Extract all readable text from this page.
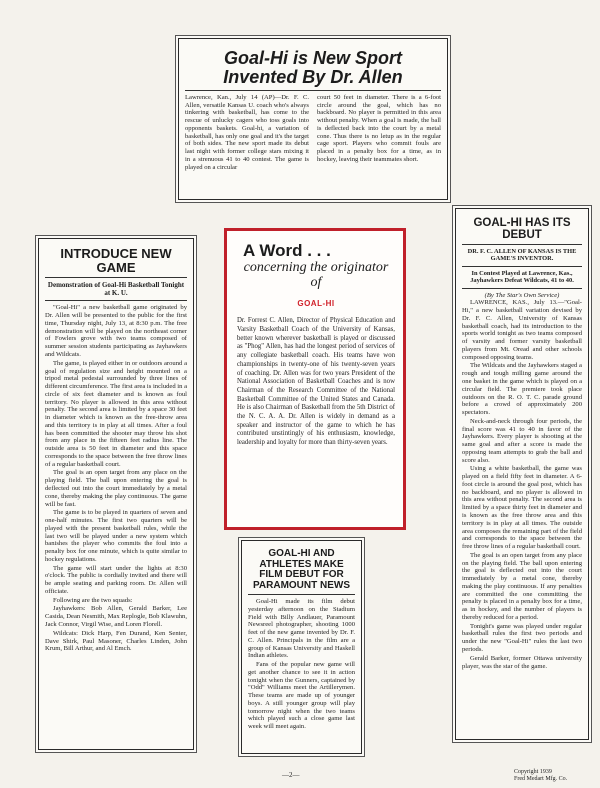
Goal-Hi is New Sport Invented By Dr. Allen
Lawrence, Kan., July 14 (AP)—Dr. F. C. Allen, versatile Kansas U. coach who's always tinkering with basketball, has come to the rescue of unlucky cagers who toss goals into opponents baskets. Goal-hi, a variation of basketball, has only one goal and it's the target of both sides. The new sport made its debut last night with former college stars mixing it in a strenuous 41 to 40 contest. The game is played on a circular
court 50 feet in diameter. There is a 6-foot circle around the goal, which has no backboard. No player is permitted in this area without penalty. When a goal is made, the ball is deflected back into the court by a metal cone. Thus there is no letup as in the regular cage sport. Players who commit fouls are placed in a penalty box for a time, as in hockey, leaving their teammates short.
INTRODUCE NEW GAME
Demonstration of Goal-Hi Basketball Tonight at K. U.

"Goal-Hi" a new basketball game originated by Dr. Allen will be presented to the public for the first time, Thursday night, July 13, at 8:30 p.m. The free demonstration will be played on the northeast corner of Fowlers grove with two teams composed of summer session students participating as Jayhawkers and Wildcats.

The game, is played either in or outdoors around a goal of regulation size and height mounted on a tripod metal pedestal surrounded by three lines of different circumference. The first area is included in a circle of six feet diameter and is known as foul territory. No player is allowed in this area without penalty. The second area is limited by a space 30 feet in diameter which is known as the free-throw area and this territory is in play at all times. After a foul has been committed the shooter may throw his shot from any place in the fifteen feet radius line. The outside area is 50 feet in diameter and this space corresponds to the space between the free throw lines of a regular basketball court.

The goal is an open target from any place on the playing field. The ball upon entering the goal is deflected out into the court immediately by a metal cone, thereby making the play continuous. The game will be fast.

The game is to be played in quarters of seven and one-half minutes. The first two quarters will be played with the present basketball rules, while the last two will be played under a new system which banishes the player who commits the foul into a penalty box for one minute, which is quite similar to hockey regulations.

The game will start under the lights at 8:30 o'clock. The public is cordially invited and there will be ample seating and parking room. Dr. Allen will officiate.

Following are the two squads:

Jayhawkers: Bob Allen, Gerald Barker, Lee Casida, Dean Nesmith, Max Replogle, Bob Klawuhn, Jack Connor, Virgil Wise, and Loren Florell.

Wildcats: Dick Harp, Fen Durand, Ken Senter, Dave Shirk, Paul Masoner, Charles Linden, John Krum, Bill Arthur, and Al Emch.

A Word . . .
concerning the originator of
GOAL-HI
Dr. Forrest C. Allen, Director of Physical Education and Varsity Basketball Coach of the University of Kansas, better known wherever basketball is played or discussed as "Phog" Allen, has had the longest period of services of any collegiate basketball coach. His teams have won championships in twenty-one of his twenty-seven years of coaching. Dr. Allen was for two years President of the National Association of Basketball Coaches and is now Chairman of the Research Committee of the National Basketball Committee of the United States and Canada. He is also Chairman of Basketball from the 5th District of the N. C. A. A. Dr. Allen is widely in demand as a speaker and instructor of the game to which he has contributed unstintingly of his enthusiasm, knowledge, leadership and loyalty for more than thirty-seven years.
GOAL-HI HAS ITS DEBUT
DR. F. C. ALLEN OF KANSAS IS THE GAME'S INVENTOR.
In Contest Played at Lawrence, Kas., Jayhawkers Defeat Wildcats, 41 to 40.
(By The Star's Own Service)

LAWRENCE, KAS., July 13.—"Goal-Hi," a new basketball variation devised by Dr. F. C. Allen, University of Kansas basketball coach, had its introduction to the sports world tonight as two teams composed of varsity and former varsity basketball players from Mt. Oread and other schools composed opposing teams.

The Wildcats and the Jayhawkers staged a rough and tough milling game around the one basket in the game which is played on a circular field. The premiere took place outdoors on the R. O. T. C. parade ground before a crowd of approximately 200 spectators.

Neck-and-neck through four periods, the final score was 41 to 40 in favor of the Jayhawkers. Every player is shooting at the same goal and after a score is made the opposing team attempts to grab the ball and score also.

Using a white basketball, the game was played on a field fifty feet in diameter. A 6-foot circle is around the goal post, which has no backboard, and no player is allowed in this area without penalty. The second area is limited by a space thirty feet in diameter and is known as the free throw area and this territory is in play at all times. The outside area composes the remaining part of the field and corresponds to the space between the free throw lines of a regular basketball court.

The goal is an open target from any place on the playing field. The ball upon entering the goal is deflected out into the court immediately by a metal cone, thereby making the play continuous. If any penalties are committed the one committing the penalty is placed in a penalty box for a time, as in hockey, and the number of players is thereby reduced for a period.

Tonight's game was played under regular basketball rules the first two periods and under the new "Goal-Hi" rules the last two periods.

Gerald Barker, former Ottawa university player, was the star of the game.

GOAL-HI AND ATHLETES MAKE FILM DEBUT FOR PARAMOUNT NEWS

Goal-Hi made its film debut yesterday afternoon on the Stadium Field with Billy Andlauer, Paramount Newsreel photographer, shooting 1000 feet of the new game invented by Dr. F. C. Allen. Principals in the film are a group of Kansas University and Haskell Indian athletes.

Fans of the popular new game will get another chance to see it in action tonight when the Gunners, captained by "Odd" Williams meet the Artillerymen. These teams are made up of younger boys. A still younger group will play tomorrow night when the two teams which played such a close game last week will meet again.

—2—	Copyright 1939
Fred Medart Mfg. Co.
